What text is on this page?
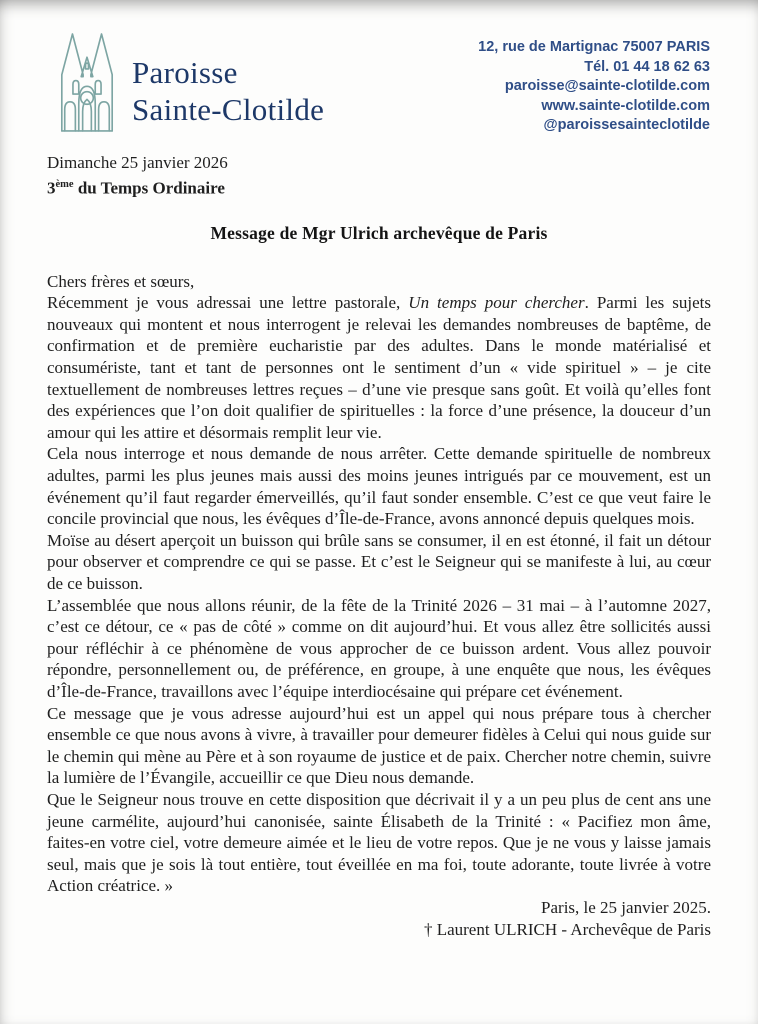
Paroisse
Sainte-Clotilde
12, rue de Martignac 75007 PARIS
Tél. 01 44 18 62 63
paroisse@sainte-clotilde.com
www.sainte-clotilde.com
@paroissesainteclotilde
Dimanche 25 janvier 2026
3ème du Temps Ordinaire
Message de Mgr Ulrich archevêque de Paris

Chers frères et sœurs,

Récemment je vous adressai une lettre pastorale, Un temps pour chercher. Parmi les sujets nouveaux qui montent et nous interrogent je relevai les demandes nombreuses de baptême, de confirmation et de première eucharistie par des adultes. Dans le monde matérialisé et consumériste, tant et tant de personnes ont le sentiment d’un « vide spirituel » – je cite textuellement de nombreuses lettres reçues – d’une vie presque sans goût. Et voilà qu’elles font des expériences que l’on doit qualifier de spirituelles : la force d’une présence, la douceur d’un amour qui les attire et désormais remplit leur vie.

Cela nous interroge et nous demande de nous arrêter. Cette demande spirituelle de nombreux adultes, parmi les plus jeunes mais aussi des moins jeunes intrigués par ce mouvement, est un événement qu’il faut regarder émerveillés, qu’il faut sonder ensemble. C’est ce que veut faire le concile provincial que nous, les évêques d’Île-de-France, avons annoncé depuis quelques mois.

Moïse au désert aperçoit un buisson qui brûle sans se consumer, il en est étonné, il fait un détour pour observer et comprendre ce qui se passe. Et c’est le Seigneur qui se manifeste à lui, au cœur de ce buisson.

L’assemblée que nous allons réunir, de la fête de la Trinité 2026 – 31 mai – à l’automne 2027, c’est ce détour, ce « pas de côté » comme on dit aujourd’hui. Et vous allez être sollicités aussi pour réfléchir à ce phénomène de vous approcher de ce buisson ardent. Vous allez pouvoir répondre, personnellement ou, de préférence, en groupe, à une enquête que nous, les évêques d’Île-de-France, travaillons avec l’équipe interdiocésaine qui prépare cet événement.

Ce message que je vous adresse aujourd’hui est un appel qui nous prépare tous à chercher ensemble ce que nous avons à vivre, à travailler pour demeurer fidèles à Celui qui nous guide sur le chemin qui mène au Père et à son royaume de justice et de paix. Chercher notre chemin, suivre la lumière de l’Évangile, accueillir ce que Dieu nous demande.

Que le Seigneur nous trouve en cette disposition que décrivait il y a un peu plus de cent ans une jeune carmélite, aujourd’hui canonisée, sainte Élisabeth de la Trinité : « Pacifiez mon âme, faites-en votre ciel, votre demeure aimée et le lieu de votre repos. Que je ne vous y laisse jamais seul, mais que je sois là tout entière, tout éveillée en ma foi, toute adorante, toute livrée à votre Action créatrice. »

Paris, le 25 janvier 2025.
† Laurent ULRICH - Archevêque de Paris
